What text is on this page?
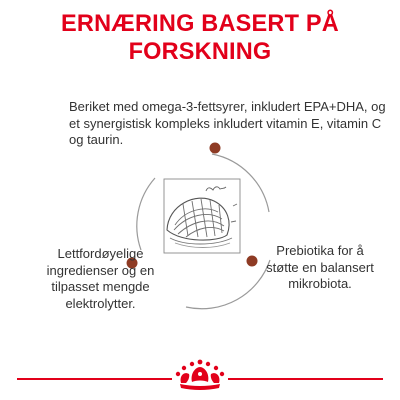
ERNÆRING BASERT PÅ FORSKNING
Beriket med omega-3-fettsyrer, inkludert EPA+DHA, og et synergistisk kompleks inkludert vitamin E, vitamin C og taurin.
Lettfordøyelige ingredienser og en tilpasset mengde elektrolytter.
Prebiotika for å støtte en balansert mikrobiota.
